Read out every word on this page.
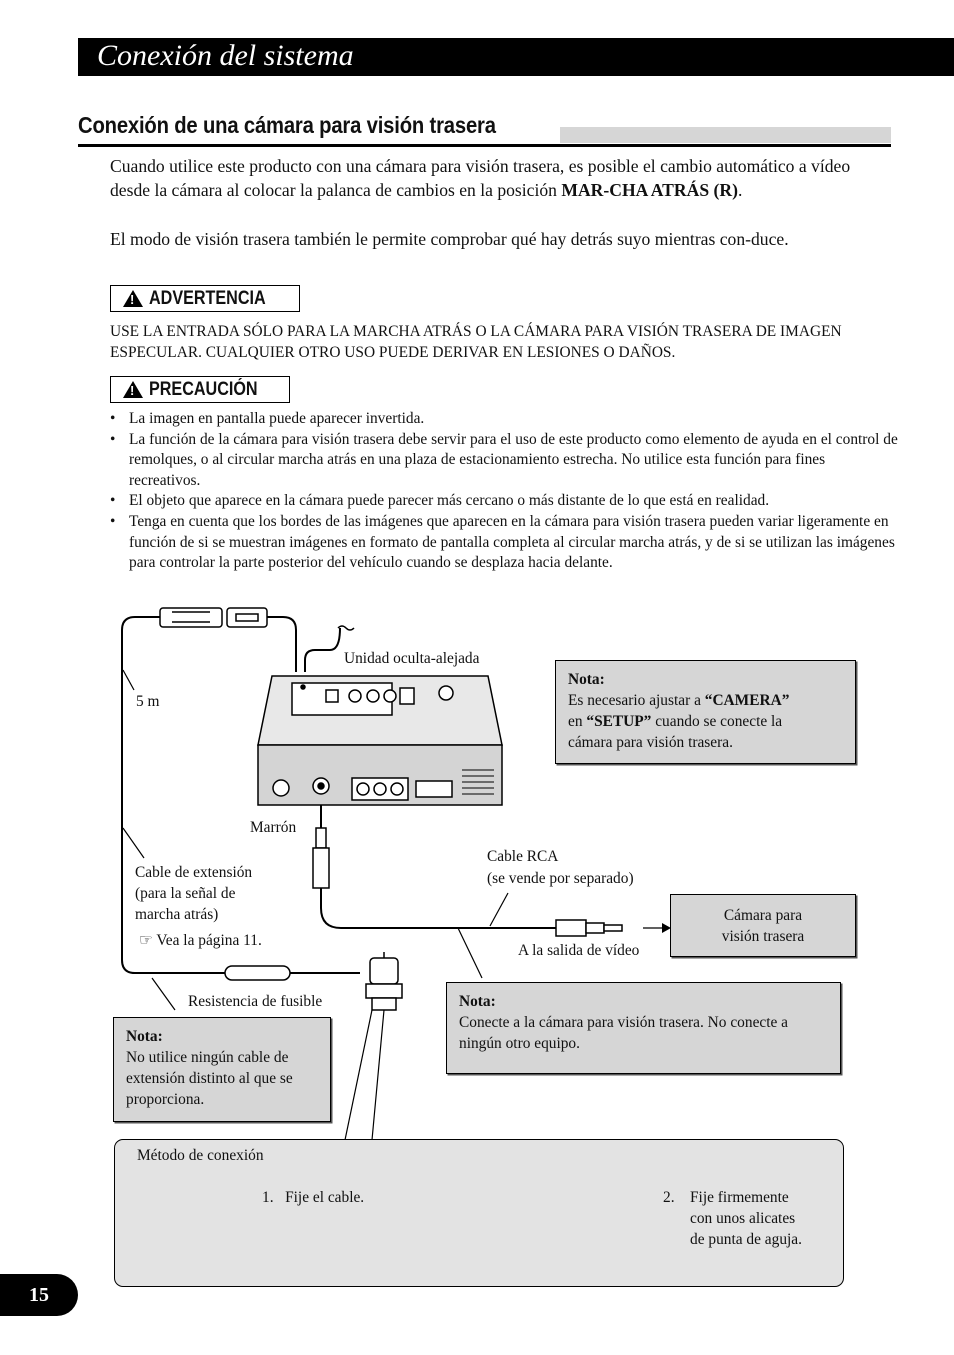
Conexión del sistema
Conexión de una cámara para visión trasera
Cuando utilice este producto con una cámara para visión trasera, es posible el cambio automático a vídeo desde la cámara al colocar la palanca de cambios en la posición MAR-CHA ATRÁS (R).
El modo de visión trasera también le permite comprobar qué hay detrás suyo mientras con-duce.
! ADVERTENCIA
USE LA ENTRADA SÓLO PARA LA MARCHA ATRÁS O LA CÁMARA PARA VISIÓN TRASERA DE IMAGEN ESPECULAR. CUALQUIER OTRO USO PUEDE DERIVAR EN LESIONES O DAÑOS.
! PRECAUCIÓN
• La imagen en pantalla puede aparecer invertida.
• La función de la cámara para visión trasera debe servir para el uso de este producto como elemento de ayuda en el control de remolques, o al circular marcha atrás en una plaza de estacionamiento estrecha. No utilice esta función para fines recreativos.
• El objeto que aparece en la cámara puede parecer más cercano o más distante de lo que está en realidad.
• Tenga en cuenta que los bordes de las imágenes que aparecen en la cámara para visión trasera pueden variar ligeramente en función de si se muestran imágenes en formato de pantalla completa al circular marcha atrás, y de si se utilizan las imágenes para controlar la parte posterior del vehículo cuando se desplaza hacia delante.
Unidad oculta-alejada
5 m
Marrón
Cable de extensión
(para la señal de
marcha atrás)
☞ Vea la página 11.
Cable RCA
(se vende por separado)
A la salida de vídeo
Resistencia de fusible
Cámara para
visión trasera
Nota:
Es necesario ajustar a “CAMERA”
en “SETUP” cuando se conecte la
cámara para visión trasera.
Nota:
Conecte a la cámara para visión trasera. No conecte a ningún otro equipo.
Nota:
No utilice ningún cable de extensión distinto al que se proporciona.
Método de conexión
1. Fije el cable.	2. Fije firmemente
con unos alicates
de punta de aguja.
15
